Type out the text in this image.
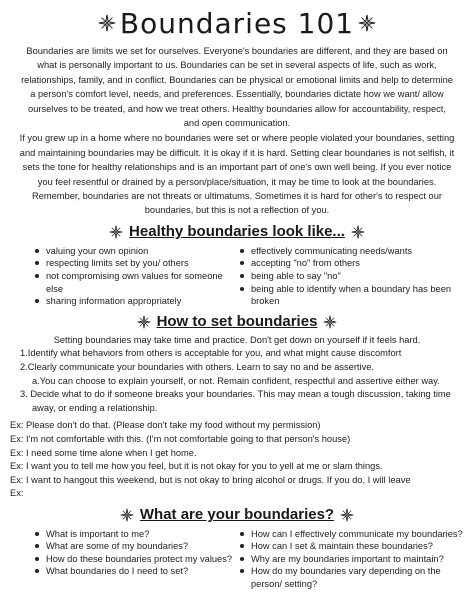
Boundaries 101
Boundaries are limits we set for ourselves. Everyone's boundaries are different, and they are based on
what is personally important to us. Boundaries can be set in several aspects of life, such as work,
relationships, family, and in conflict. Boundaries can be physical or emotional limits and help to determine
a person's comfort level, needs, and preferences. Essentially, boundaries dictate how we want/ allow
ourselves to be treated, and how we treat others. Healthy boundaries allow for accountability, respect,
and open communication.
If you grew up in a home where no boundaries were set or where people violated your boundaries, setting
and maintaining boundaries may be difficult. It is okay if it is hard. Setting clear boundaries is not selfish, it
sets the tone for healthy relationships and is an important part of one's own well being. If you ever notice
you feel resentful or drained by a person/place/situation, it may be time to look at the boundaries.
Remember, boundaries are not threats or ultimatums. Sometimes it is hard for other's to respect our
boundaries, but this is not a reflection of you.
Healthy boundaries look like...
valuing your own opinion
respecting limits set by you/ others
not compromising own values for someone else
sharing information appropriately
effectively communicating needs/wants
accepting "no" from others
being able to say "no"
being able to identify when a boundary has been broken
How to set boundaries
Setting boundaries may take time and practice. Don't get down on yourself if it feels hard.
1.Identify what behaviors from others is acceptable for you, and what might cause discomfort
2.Clearly communicate your boundaries with others. Learn to say no and be assertive.
a.You can choose to explain yourself, or not. Remain confident, respectful and assertive either way.
3. Decide what to do if someone breaks your boundaries. This may mean a tough discussion, taking time
away, or ending a relationship.
Ex: Please don't do that. (Please don't take my food without my permission)
Ex: I'm not comfortable with this. (I'm not comfortable going to that person's house)
Ex: I need some time alone when I get home.
Ex: I want you to tell me how you feel, but it is not okay for you to yell at me or slam things.
Ex: I want to hangout this weekend, but is not okay to bring alcohol or drugs. If you do, I will leave
Ex:
What are your boundaries?
What is important to me?
What are some of my boundaries?
How do these boundaries protect my values?
What boundaries do I need to set?
How can I effectively communicate my boundaries?
How can I set & maintain these boundaries?
Why are my boundaries important to maintain?
How do my boundaries vary depending on the person/ setting?
